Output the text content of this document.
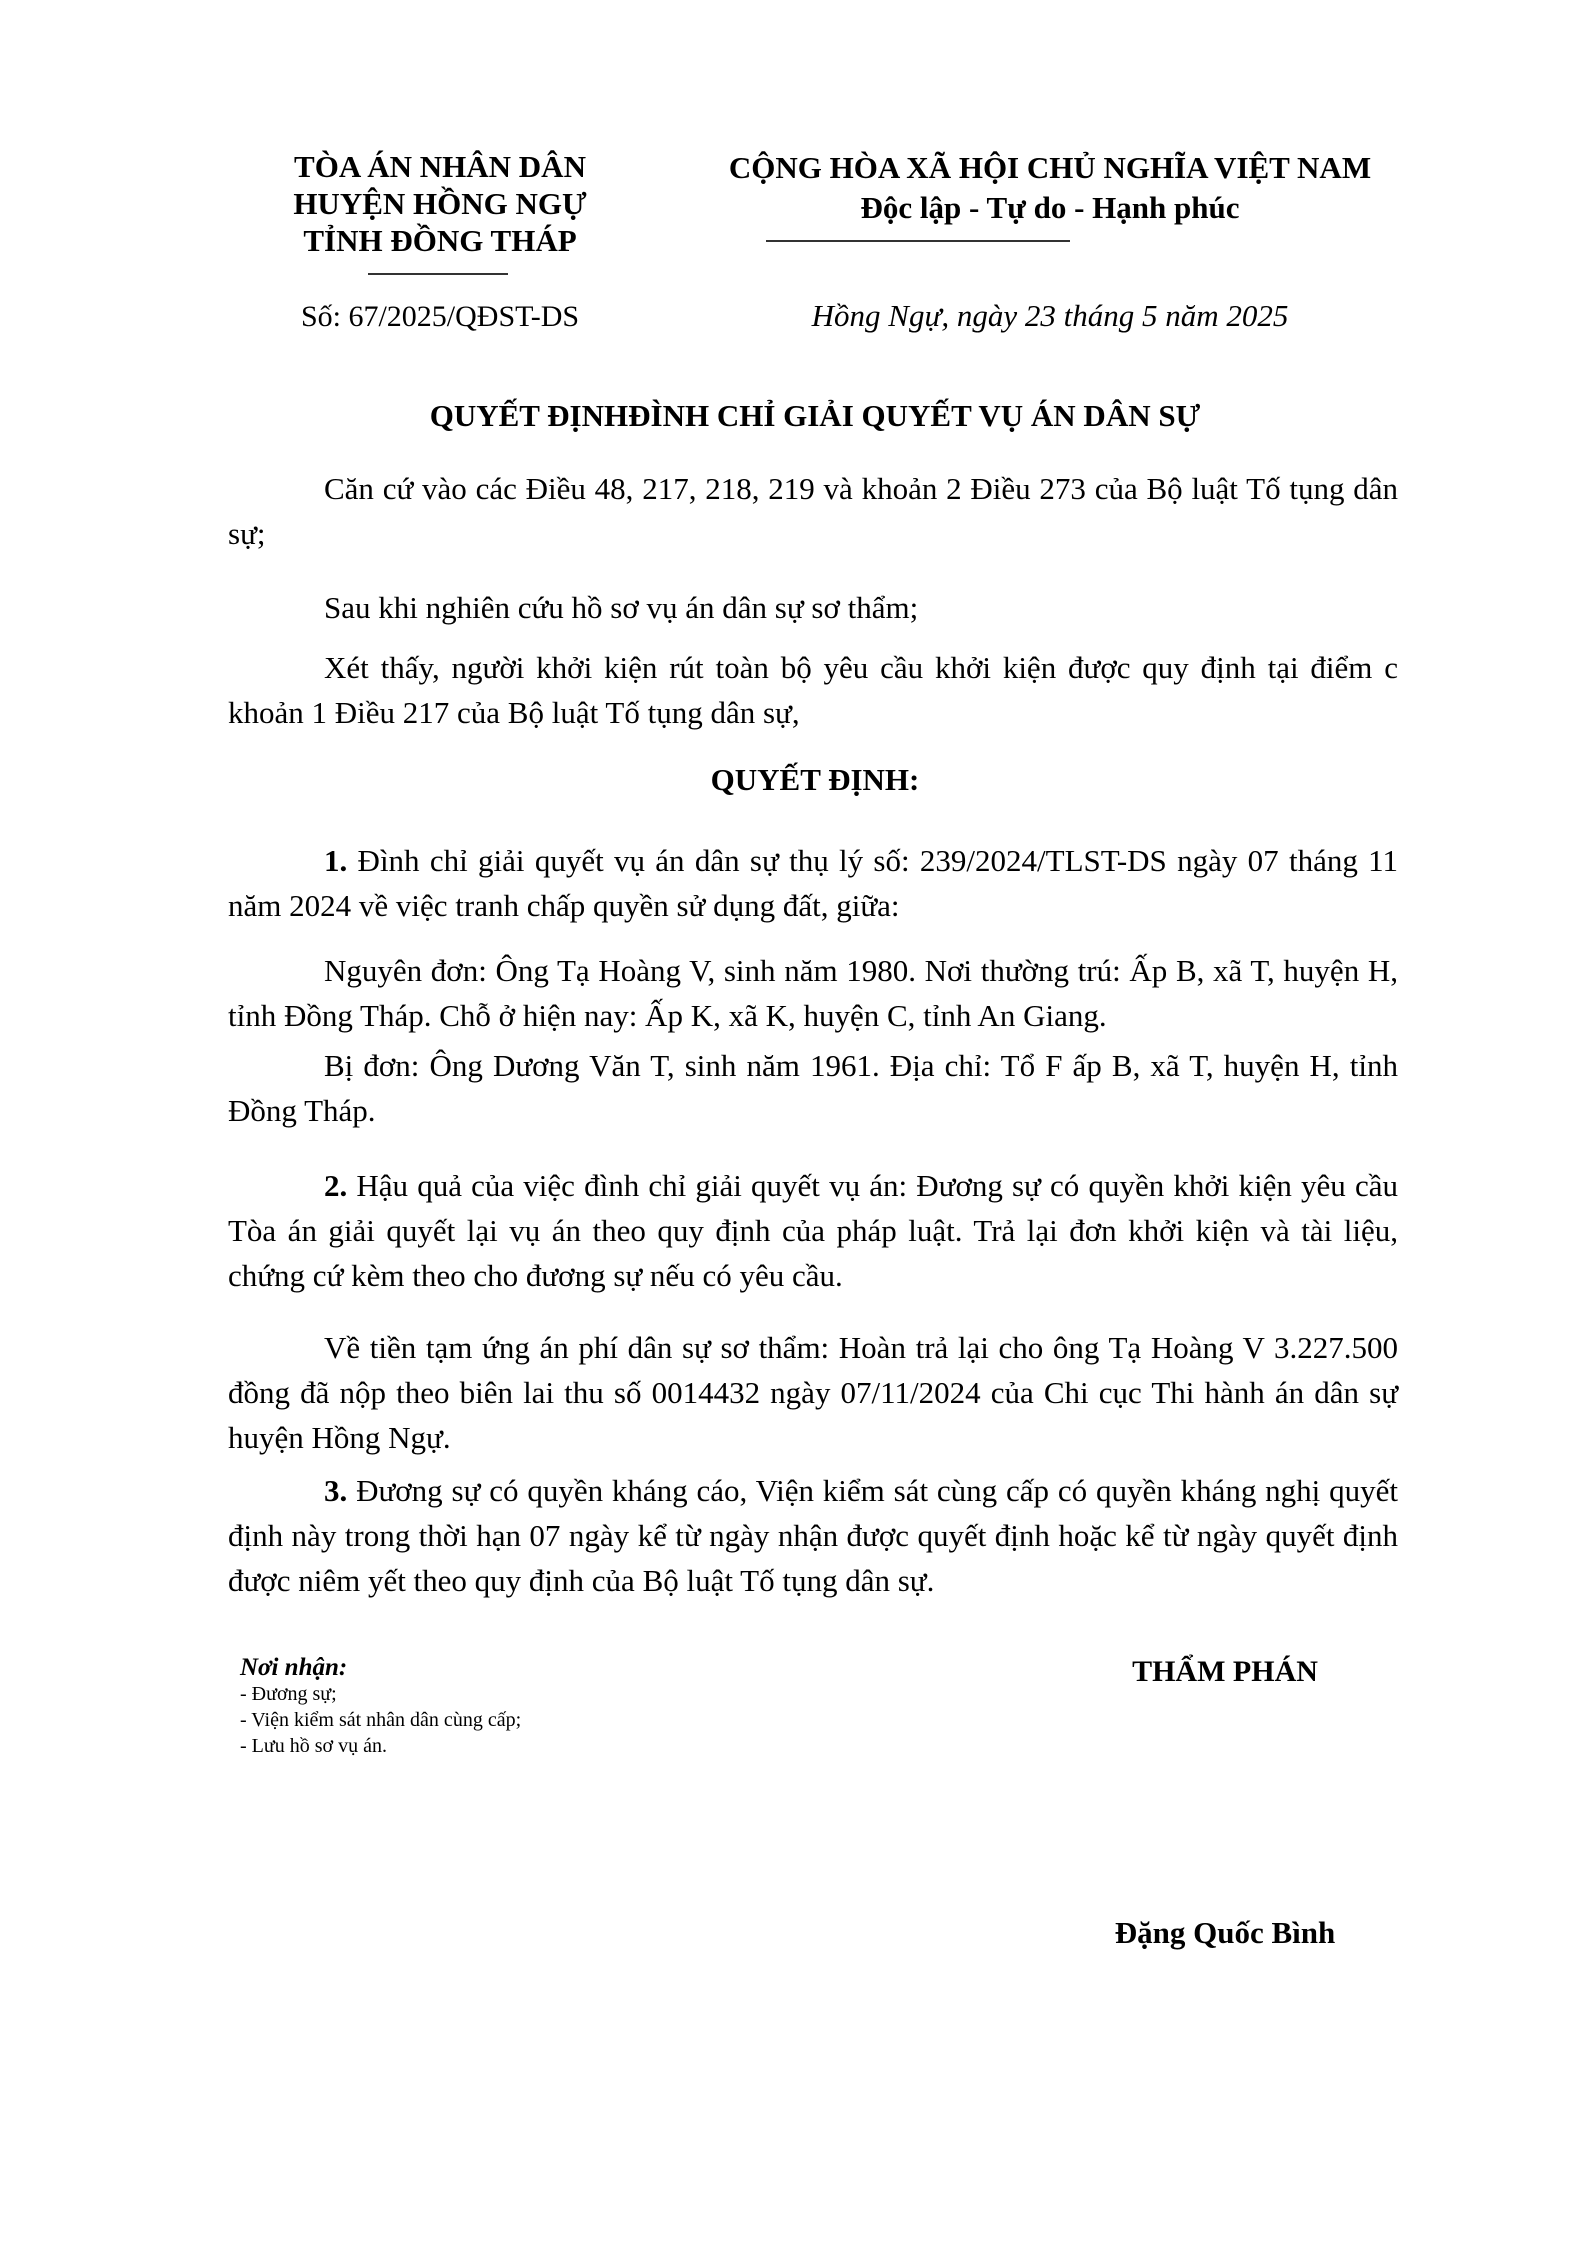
TÒA ÁN NHÂN DÂN
HUYỆN HỒNG NGỰ
TỈNH ĐỒNG THÁP
CỘNG HÒA XÃ HỘI CHỦ NGHĨA VIỆT NAM
Độc lập - Tự do - Hạnh phúc
Số: 67/2025/QĐST-DS	Hồng Ngự, ngày 23 tháng 5 năm 2025
QUYẾT ĐỊNHĐÌNH CHỈ GIẢI QUYẾT VỤ ÁN DÂN SỰ
Căn cứ vào các Điều 48, 217, 218, 219 và khoản 2 Điều 273 của Bộ luật Tố tụng dân sự;
Sau khi nghiên cứu hồ sơ vụ án dân sự sơ thẩm;
Xét thấy, người khởi kiện rút toàn bộ yêu cầu khởi kiện được quy định tại điểm c khoản 1 Điều 217 của Bộ luật Tố tụng dân sự,
QUYẾT ĐỊNH:
1. Đình chỉ giải quyết vụ án dân sự thụ lý số: 239/2024/TLST-DS ngày 07 tháng 11 năm 2024 về việc tranh chấp quyền sử dụng đất, giữa:
Nguyên đơn: Ông Tạ Hoàng V, sinh năm 1980. Nơi thường trú: Ấp B, xã T, huyện H, tỉnh Đồng Tháp. Chỗ ở hiện nay: Ấp K, xã K, huyện C, tỉnh An Giang.
Bị đơn: Ông Dương Văn T, sinh năm 1961. Địa chỉ: Tổ F ấp B, xã T, huyện H, tỉnh Đồng Tháp.
2. Hậu quả của việc đình chỉ giải quyết vụ án: Đương sự có quyền khởi kiện yêu cầu Tòa án giải quyết lại vụ án theo quy định của pháp luật. Trả lại đơn khởi kiện và tài liệu, chứng cứ kèm theo cho đương sự nếu có yêu cầu.
Về tiền tạm ứng án phí dân sự sơ thẩm: Hoàn trả lại cho ông Tạ Hoàng V 3.227.500 đồng đã nộp theo biên lai thu số 0014432 ngày 07/11/2024 của Chi cục Thi hành án dân sự huyện Hồng Ngự.
3. Đương sự có quyền kháng cáo, Viện kiểm sát cùng cấp có quyền kháng nghị quyết định này trong thời hạn 07 ngày kể từ ngày nhận được quyết định hoặc kể từ ngày quyết định được niêm yết theo quy định của Bộ luật Tố tụng dân sự.
Nơi nhận:
- Đương sự;
- Viện kiểm sát nhân dân cùng cấp;
- Lưu hồ sơ vụ án.
THẨM PHÁN
Đặng Quốc Bình
